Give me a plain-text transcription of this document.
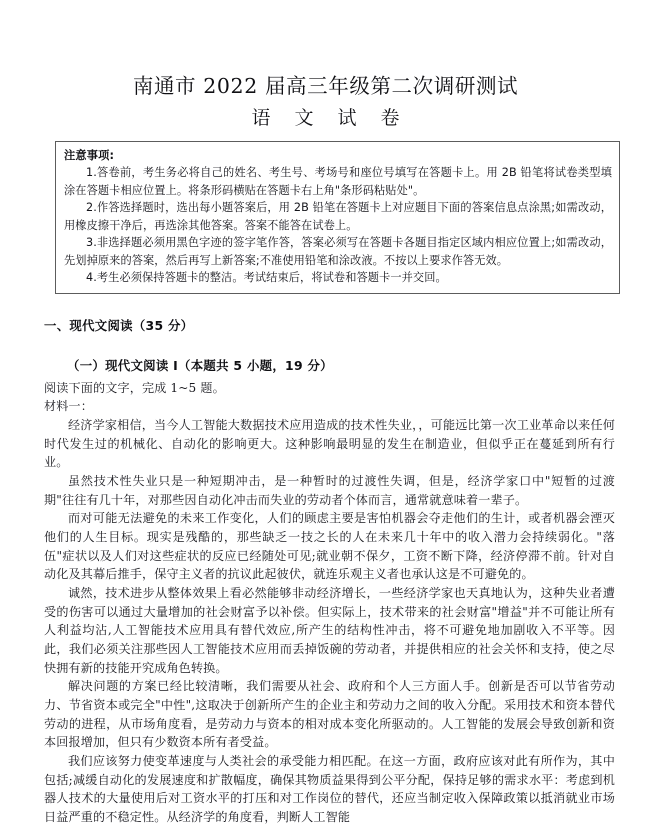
南通市 2022 届高三年级第二次调研测试
语 文 试 卷

注意事项:

1.答卷前，考生务必将自己的姓名、考生号、考场号和座位号填写在答题卡上。用 2B 铅笔将试卷类型填涂在答题卡相应位置上。将条形码横贴在答题卡右上角"条形码粘贴处"。

2.作答选择题时，选出每小题答案后，用 2B 铅笔在答题卡上对应题目下面的答案信息点涂黑;如需改动，用橡皮擦干净后，再选涂其他答案。答案不能答在试卷上。

3.非选择题必须用黑色字迹的签字笔作答，答案必须写在答题卡各题目指定区域内相应位置上;如需改动，先划掉原来的答案，然后再写上新答案;不准使用铅笔和涂改液。不按以上要求作答无效。

4.考生必须保持答题卡的整洁。考试结束后，将试卷和答题卡一并交回。

一、现代文阅读（35 分）
（一）现代文阅读 I（本题共 5 小题，19 分）

阅读下面的文字，完成 1~5 题。

材料一：

经济学家相信，当今人工智能大数据技术应用造成的技术性失业，，可能远比第一次工业革命以来任何时代发生过的机械化、自动化的影响更大。这种影响最明显的发生在制造业，但似乎正在蔓延到所有行业。

虽然技术性失业只是一种短期冲击，是一种暂时的过渡性失调，但是，经济学家口中"短暂的过渡期"往往有几十年，对那些因自动化冲击而失业的劳动者个体而言，通常就意味着一辈子。

而对可能无法避免的未来工作变化，人们的顾虑主要是害怕机器会夺走他们的生计，或者机器会湮灭他们的人生目标。现实是残酷的，那些缺乏一技之长的人在未来几十年中的收入潜力会持续弱化。"落伍"症状以及人们对这些症状的反应已经随处可见;就业朝不保夕，工资不断下降，经济停滞不前。针对自动化及其幕后推手，保守主义者的抗议此起彼伏，就连乐观主义者也承认这是不可避免的。

诚然，技术进步从整体效果上看必然能够非动经济增长，一些经济学家也天真地认为，这种失业者遭受的伤害可以通过大量增加的社会财富予以补偿。但实际上，技术带来的社会财富"增益"并不可能让所有人利益均沾,人工智能技术应用具有替代效应,所产生的结构性冲击，将不可避免地加剧收入不平等。因此，我们必须关注那些因人工智能技术应用而丢掉饭碗的劳动者，并提供相应的社会关怀和支持，使之尽快拥有新的技能开究成角色转换。

解决问题的方案已经比较清晰，我们需要从社会、政府和个人三方面人手。创新是否可以节省劳动力、节省资本或完全"中性",这取决于创新所产生的企业主和劳动力之间的收入分配。采用技术和资本替代劳动的进程，从市场角度看，是劳动力与资本的相对成本变化所驱动的。人工智能的发展会导致创新和资本回报增加，但只有少数资本所有者受益。

我们应该努力使变革速度与人类社会的承受能力相匹配。在这一方面，政府应该对此有所作为，其中包括;减缓自动化的发展速度和扩散幅度，确保其物质益果得到公平分配，保持足够的需求水平：考虑到机器人技术的大量使用后对工资水平的打压和对工作岗位的替代，还应当制定收入保障政策以抵消就业市场日益严重的不稳定性。从经济学的角度看，判断人工智能
